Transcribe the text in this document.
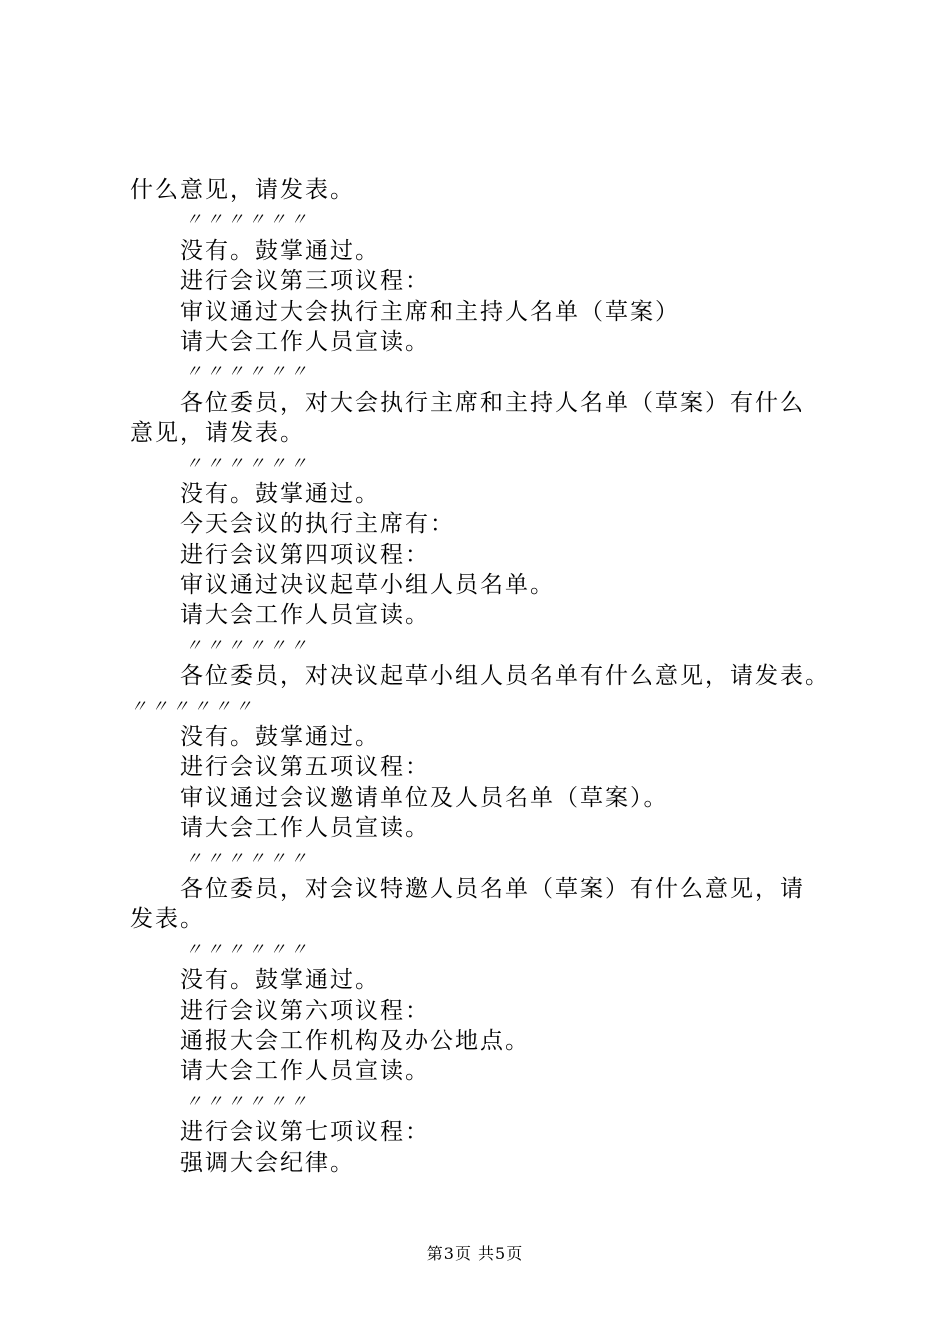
什么意见，请发表。
〃〃〃〃〃〃
没有。鼓掌通过。
进行会议第三项议程：
审议通过大会执行主席和主持人名单（草案）
请大会工作人员宣读。
〃〃〃〃〃〃
各位委员，对大会执行主席和主持人名单（草案）有什么
意见，请发表。
〃〃〃〃〃〃
没有。鼓掌通过。
今天会议的执行主席有：
进行会议第四项议程：
审议通过决议起草小组人员名单。
请大会工作人员宣读。
〃〃〃〃〃〃
各位委员，对决议起草小组人员名单有什么意见，请发表。
〃〃〃〃〃〃
没有。鼓掌通过。
进行会议第五项议程：
审议通过会议邀请单位及人员名单（草案）。
请大会工作人员宣读。
〃〃〃〃〃〃
各位委员，对会议特邀人员名单（草案）有什么意见，请
发表。
〃〃〃〃〃〃
没有。鼓掌通过。
进行会议第六项议程：
通报大会工作机构及办公地点。
请大会工作人员宣读。
〃〃〃〃〃〃
进行会议第七项议程：
强调大会纪律。
第3页 共5页
